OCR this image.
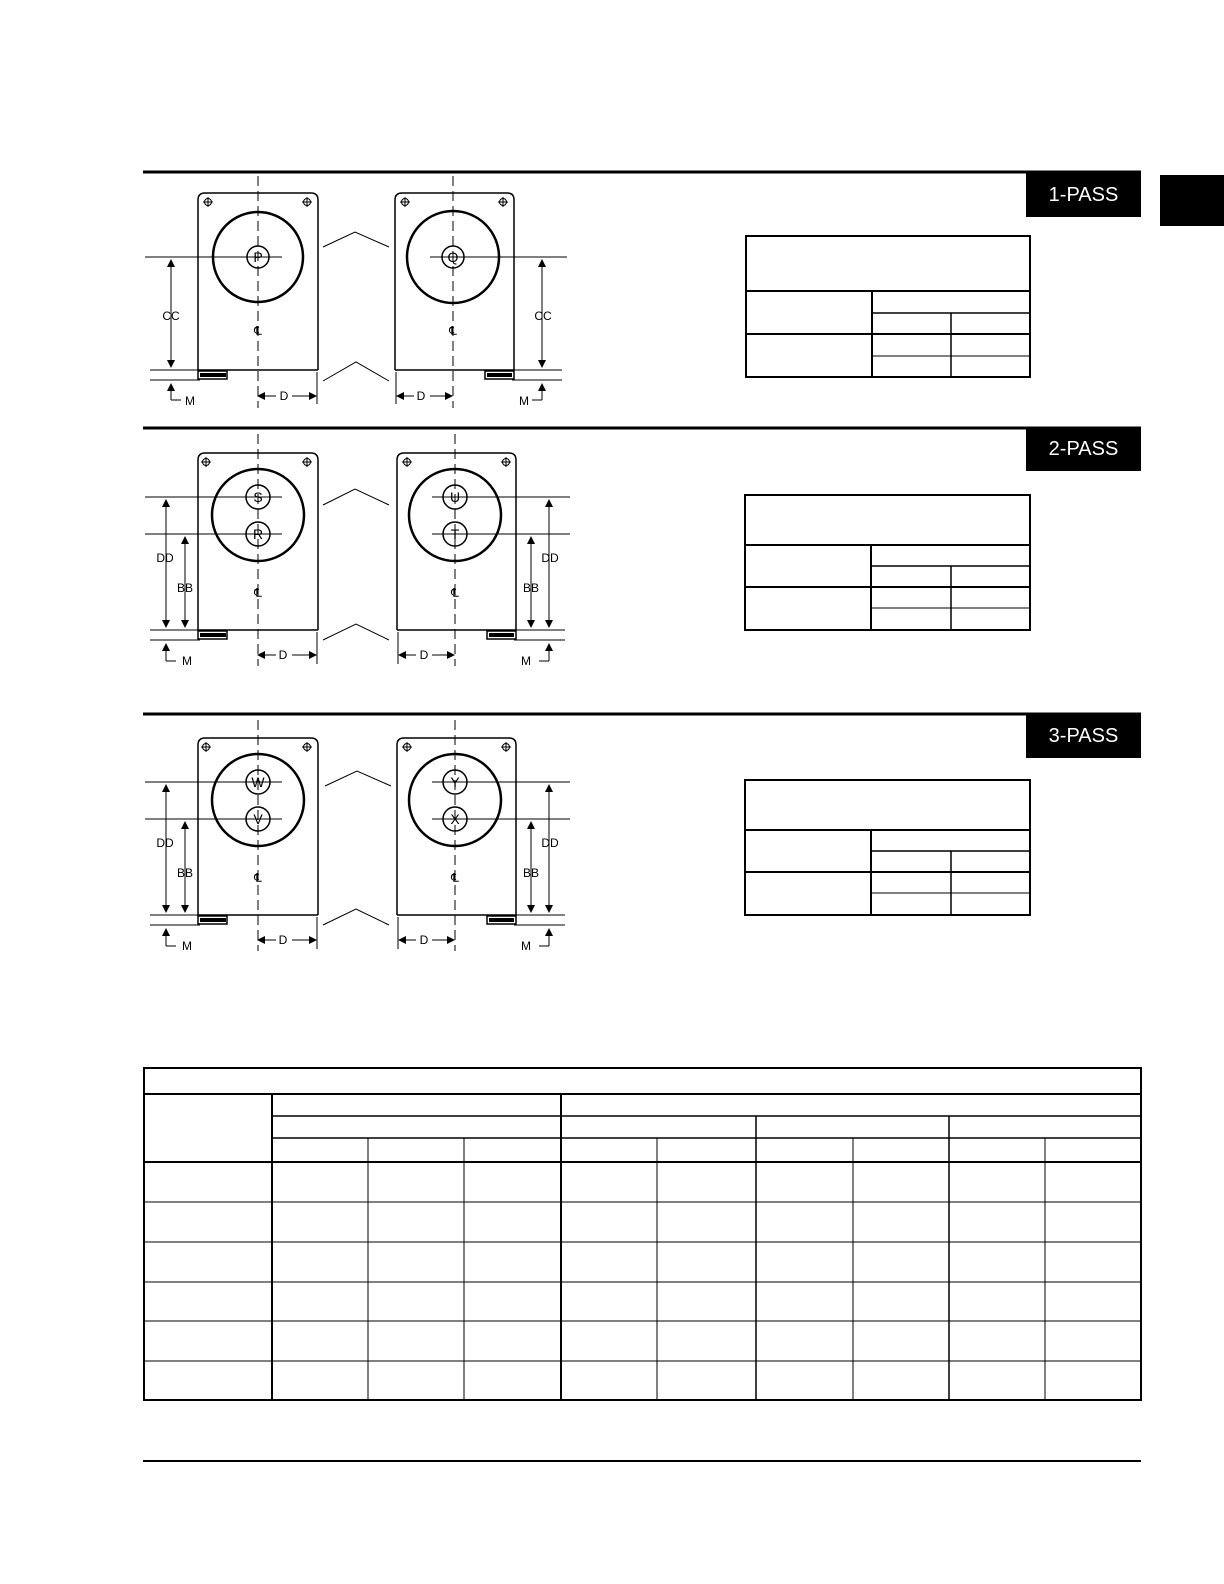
1-PASS
2-PASS
3-PASS
P	Q
CC	CC
℄	℄
D	D
M	M
S
R
U
T
DD
BB
DD
BB
℄	℄
D	D
M	M
W
V
Y
X
DD
BB
DD
BB
℄	℄
D	D
M	M
